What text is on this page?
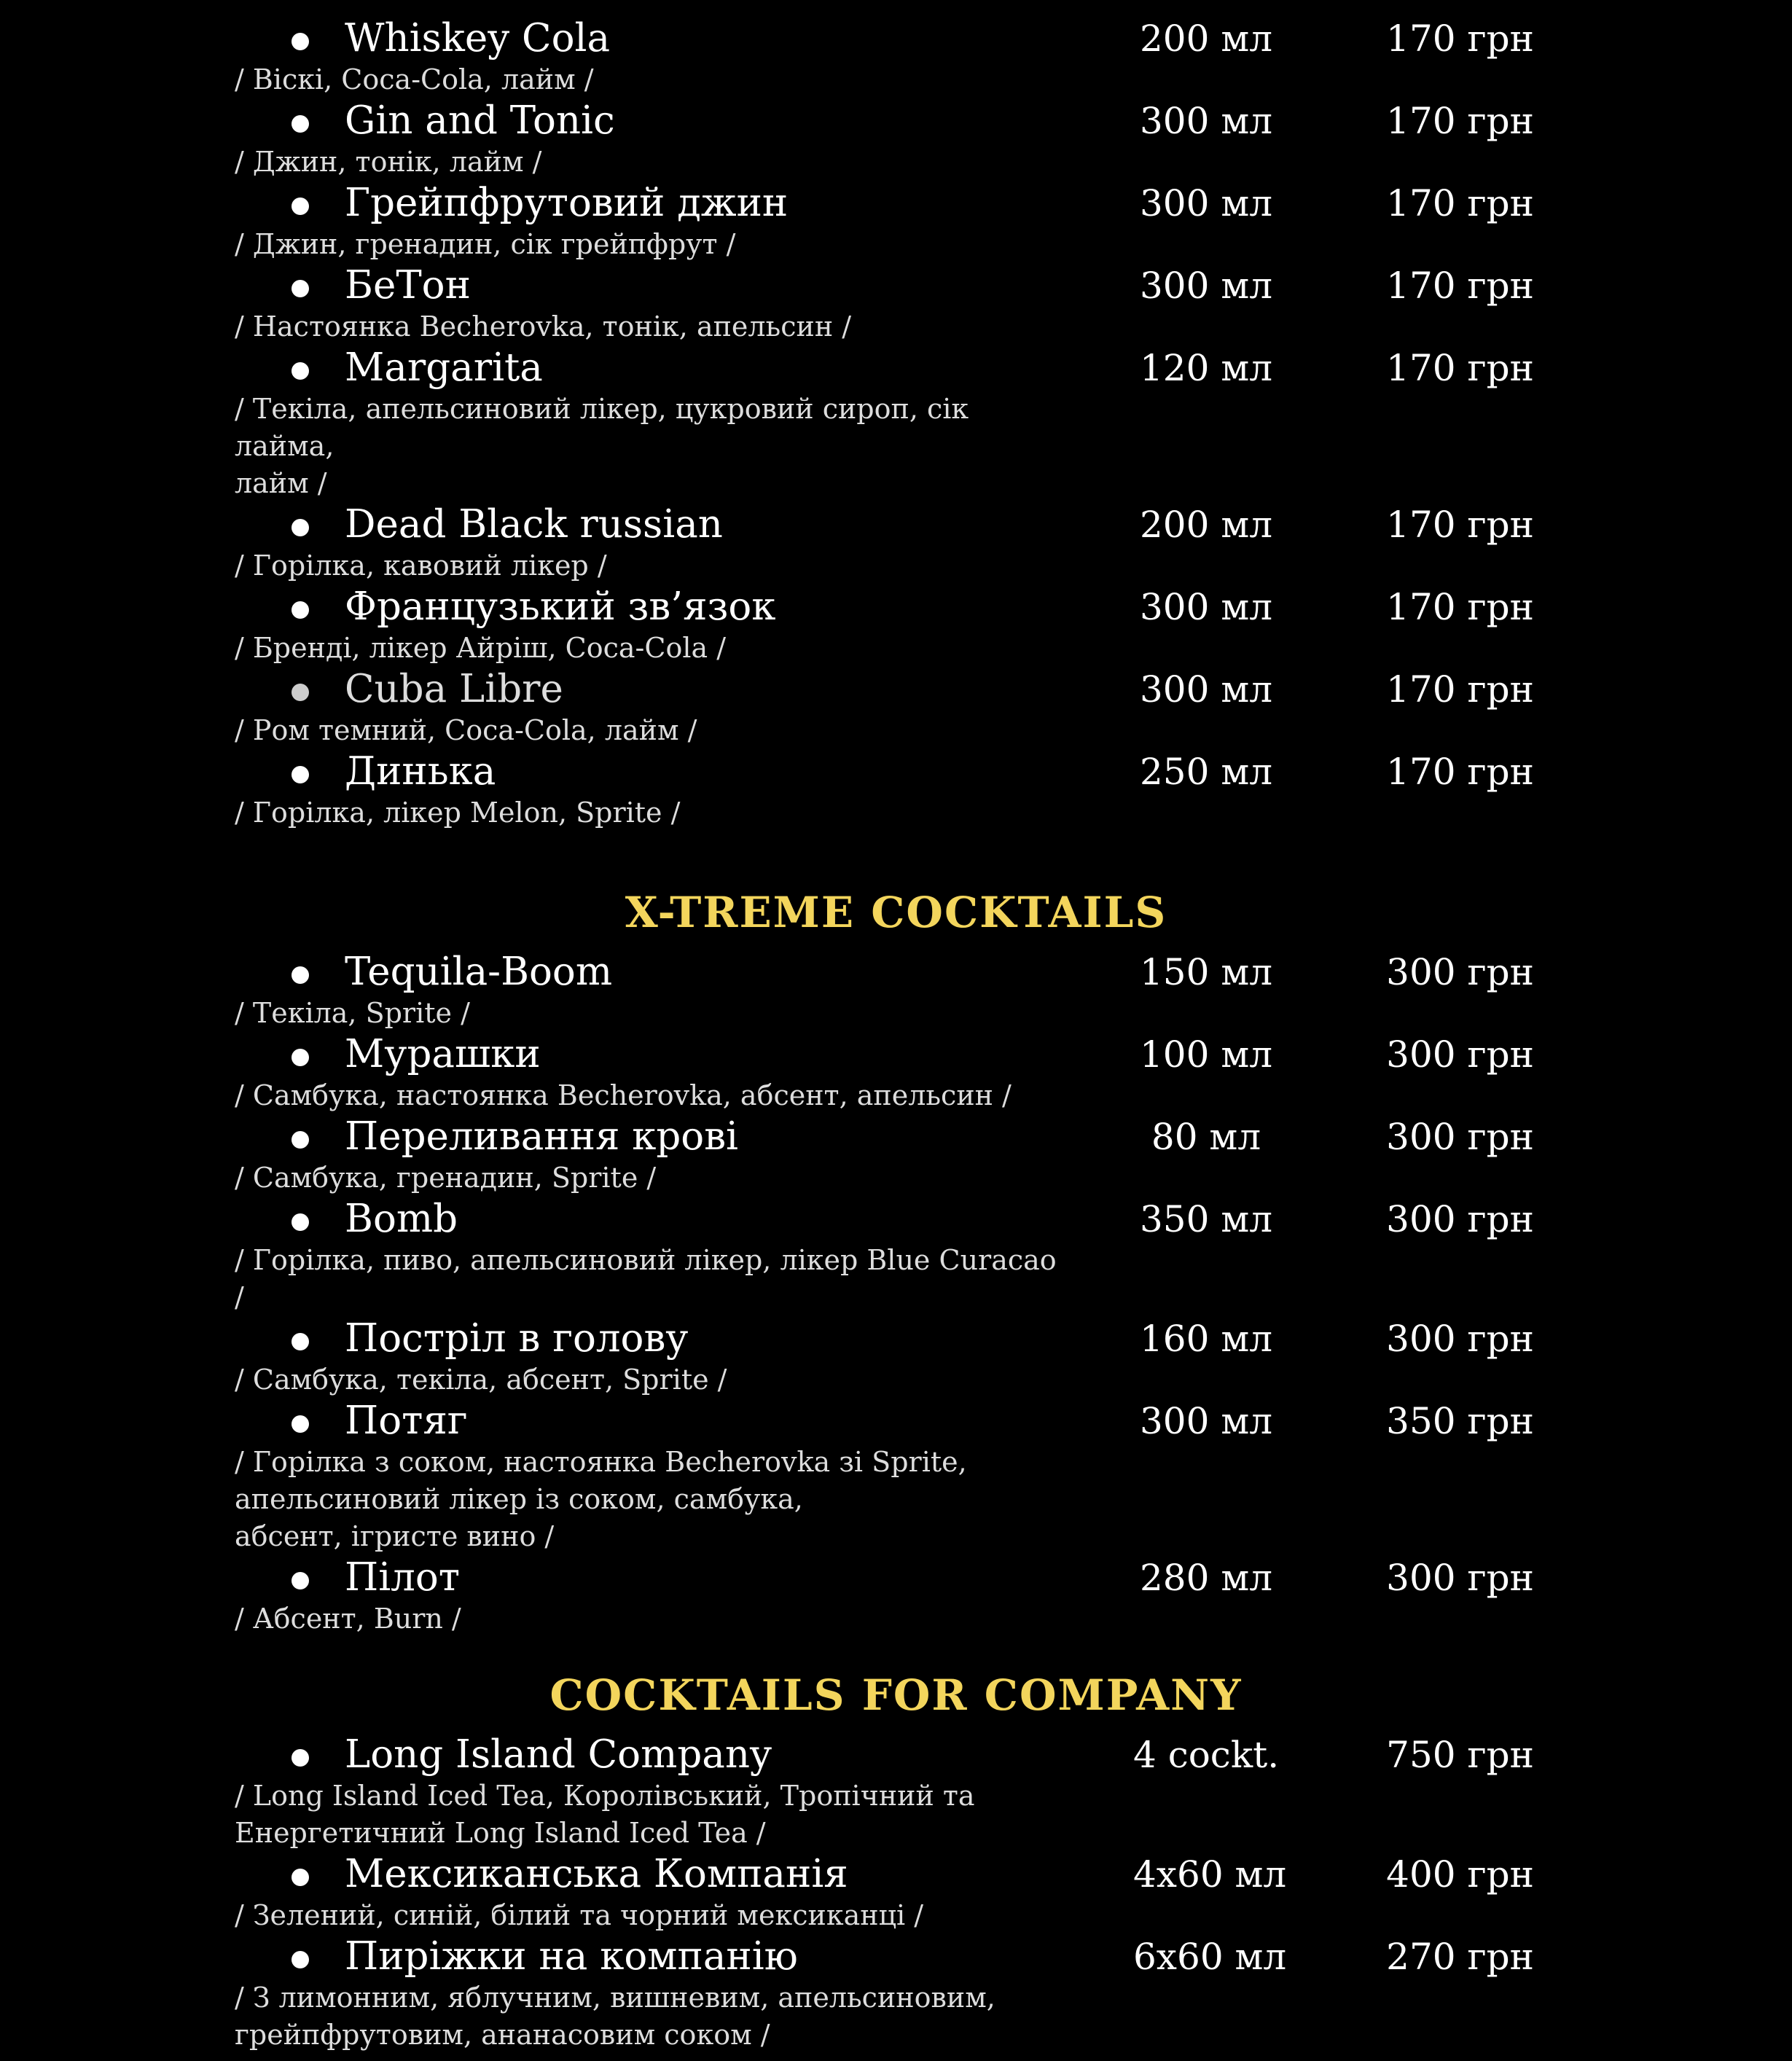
Whiskey Cola	200 мл	170 грн
/ Віскі, Coca-Cola, лайм /
Gin and Tonic	300 мл	170 грн
/ Джин, тонік, лайм /
Грейпфрутовий джин	300 мл	170 грн
/ Джин, гренадин, сік грейпфрут /
БеТон	300 мл	170 грн
/ Настоянка Becherovka, тонік, апельсин /
Margarita	120 мл	170 грн
/ Текіла, апельсиновий лікер, цукровий сироп, сік лайма,
лайм /
Dead Black russian	200 мл	170 грн
/ Горілка, кавовий лікер /
Французький зв’язок	300 мл	170 грн
/ Бренді, лікер Айріш, Coca-Cola /
Cuba Libre	300 мл	170 грн
/ Ром темний, Coca-Cola, лайм /
Динька	250 мл	170 грн
/ Горілка, лікер Melon, Sprite /
X-TREME COCKTAILS
Tequila-Boom	150 мл	300 грн
/ Текіла, Sprite /
Мурашки	100 мл	300 грн
/ Самбука, настоянка Becherovka, абсент, апельсин /
Переливання крові	80 мл	300 грн
/ Самбука, гренадин, Sprite /
Bomb	350 мл	300 грн
/ Горілка, пиво, апельсиновий лікер, лікер Blue Curacao /
Постріл в голову	160 мл	300 грн
/ Самбука, текіла, абсент, Sprite /
Потяг	300 мл	350 грн
/ Горілка з соком, настоянка Becherovka зі Sprite,
апельсиновий лікер із соком, самбука,
абсент, ігристе вино /
Пілот	280 мл	300 грн
/ Абсент, Burn /
COCKTAILS FOR COMPANY
Long Island Company	4 cockt.	750 грн
/ Long Island Iced Tea, Королівський, Тропічний та
Енергетичний Long Island Iced Tea /
Мексиканська Компанія	4x60 мл	400 грн
/ Зелений, синій, білий та чорний мексиканці /
Пирiжки на компанію	6x60 мл	270 грн
/ З лимонним, яблучним, вишневим, апельсиновим,
грейпфрутовим, ананасовим соком /
